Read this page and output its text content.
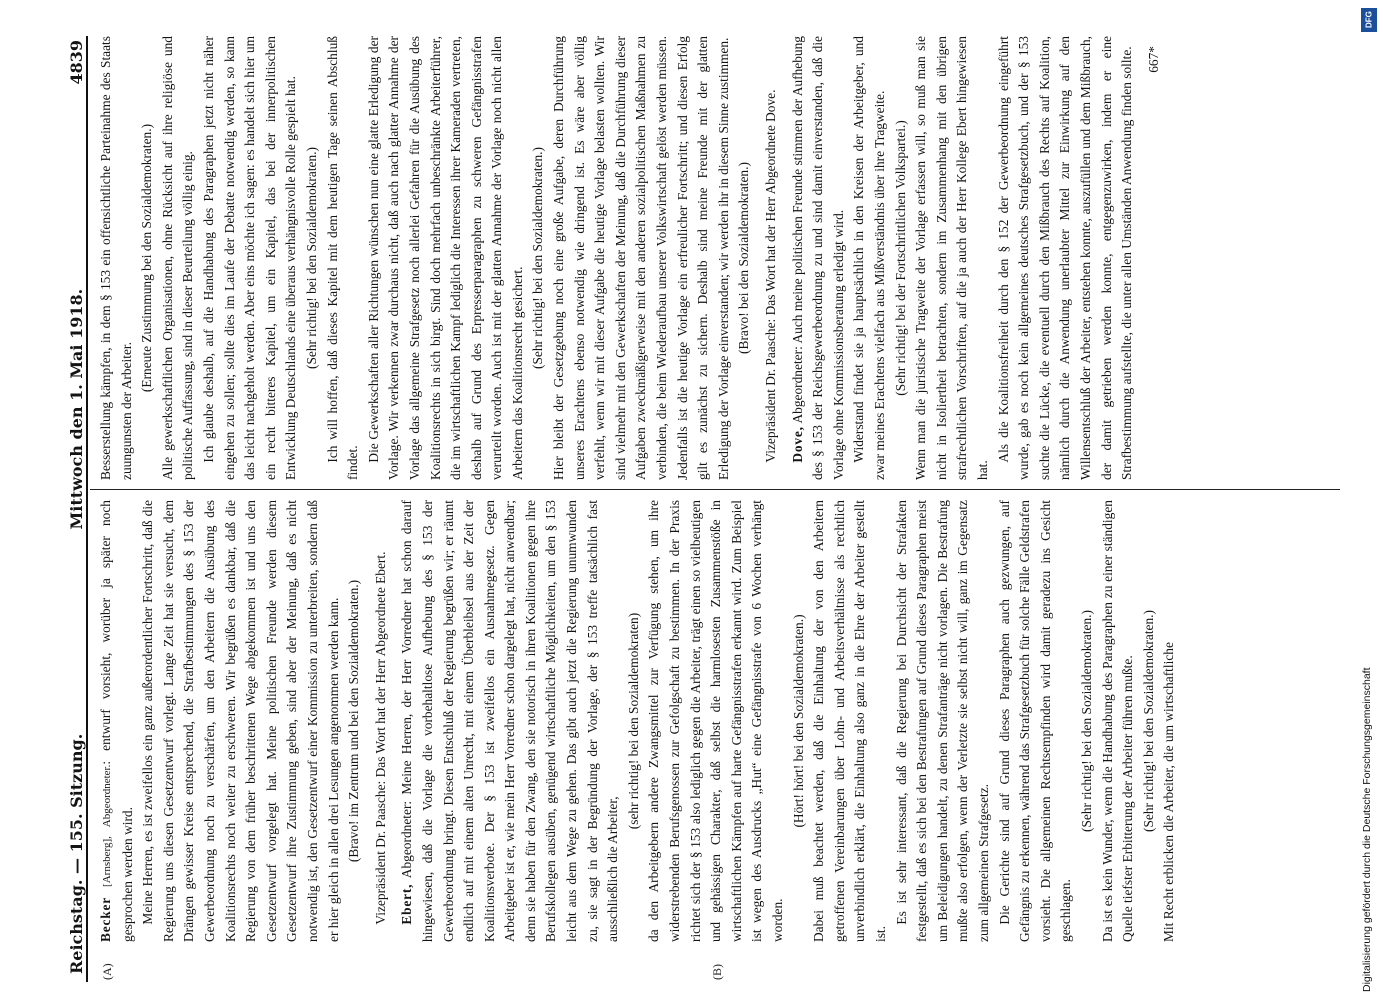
Reichstag. — 155. Sitzung.
Mittwoch den 1. Mai 1918.
4839
(A)	(B)

Becker [Arnsberg], Abgeordneter.: entwurf vorsieht, worüber ja später noch gesprochen werden wird. Meine Herren, es ist zweifellos ein ganz außerordentlicher Fortschritt, daß die Regierung uns diesen Gesetzentwurf vorlegt. Lange Zeit hat sie versucht, dem Drängen gewisser Kreise entsprechend, die Strafbestimmungen des § 153 der Gewerbeordnung noch zu verschärfen, um den Arbeitern die Ausübung des Koalitionsrechts noch weiter zu erschweren. Wir begrüßen es dankbar, daß die Regierung von dem früher beschrittenen Wege abgekommen ist und uns den Gesetzentwurf vorgelegt hat. Meine politischen Freunde werden diesem Gesetzentwurf ihre Zustimmung geben, sind aber der Meinung, daß es nicht notwendig ist, den Gesetzentwurf einer Kommission zu unterbreiten, sondern daß er hier gleich in allen drei Lesungen angenommen werden kann. (Bravo! im Zentrum und bei den Sozialdemokraten.) Vizepräsident Dr. Paasche: Das Wort hat der Herr Abgeordnete Ebert. Ebert, Abgeordneter: Meine Herren, der Herr Vorredner hat schon darauf hingewiesen, daß die Vorlage die vorbehaltlose Aufhebung des § 153 der Gewerbeordnung bringt. Diesen Entschluß der Regierung begrüßen wir; er räumt endlich auf mit einem alten Unrecht, mit einem Überbleibsel aus der Zeit der Koalitionsverbote. Der § 153 ist zweifellos ein Ausnahmegesetz. Gegen Arbeitgeber ist er, wie mein Herr Vorredner schon dargelegt hat, nicht anwendbar; denn sie haben für den Zwang, den sie notorisch in ihren Koalitionen gegen ihre Berufskollegen ausüben, genügend wirtschaftliche Möglichkeiten, um den § 153 leicht aus dem Wege zu gehen. Das gibt auch jetzt die Regierung unumwunden zu, sie sagt in der Begründung der Vorlage, der § 153 treffe tatsächlich fast ausschließlich die Arbeiter,

(sehr richtig! bei den Sozialdemokraten) da den Arbeitgebern andere Zwangsmittel zur Verfügung stehen, um ihre widerstrebenden Berufsgenossen zur Gefolgschaft zu bestimmen. In der Praxis richtet sich der § 153 also lediglich gegen die Arbeiter, trägt einen so vielbeutigen und gehässigen Charakter, daß selbst die harmlosesten Zusammenstöße in wirtschaftlichen Kämpfen auf harte Gefängnisstrafen erkannt wird. Zum Beispiel ist wegen des Ausdrucks „Hut“ eine Gefängnisstrafe von 6 Wochen verhängt worden.

(Hört! hört! bei den Sozialdemokraten.) Dabei muß beachtet werden, daß die Einhaltung der von den Arbeitern getroffenen Vereinbarungen über Lohn- und Arbeitsverhältnisse als rechtlich unverbindlich erklärt, die Einhaltung also ganz in die Ehre der Arbeiter gestellt ist.

Es ist sehr interessant, daß die Regierung bei Durchsicht der Strafakten festgestellt, daß es sich bei den Bestrafungen auf Grund dieses Paragraphen meist um Beleidigungen handelt, zu denen Strafanträge nicht vorlagen. Die Bestrafung mußte also erfolgen, wenn der Verletzte sie selbst nicht will, ganz im Gegensatz zum allgemeinen Strafgesetz. Die Gerichte sind auf Grund dieses Paragraphen auch gezwungen, auf Gefängnis zu erkennen, während das Strafgesetzbuch für solche Fälle Geldstrafen vorsieht. Die allgemeinen Rechtsempfinden wird damit geradezu ins Gesicht geschlagen.

(Sehr richtig! bei den Sozialdemokraten.) Da ist es kein Wunder, wenn die Handhabung des Paragraphen zu einer ständigen Quelle tiefster Erbitterung der Arbeiter führen mußte. (Sehr richtig! bei den Sozialdemokraten.) Mit Recht erblicken die Arbeiter, die um wirtschaftliche

Besserstellung kämpfen, in dem § 153 ein offensichtliche Parteinahme des Staats zuungunsten der Arbeiter.

(Erneute Zustimmung bei den Sozialdemokraten.) Alle gewerkschaftlichen Organisationen, ohne Rücksicht auf ihre religiöse und politische Auffassung, sind in dieser Beurteilung völlig einig. Ich glaube deshalb, auf die Handhabung des Paragraphen jetzt nicht näher eingehen zu sollen; sollte dies im Laufe der Debatte notwendig werden, so kann das leicht nachgeholt werden. Aber eins möchte ich sagen: es handelt sich hier um ein recht bitteres Kapitel, um ein Kapitel, das bei der innerpolitischen Entwicklung Deutschlands eine überaus verhängnisvolle Rolle gespielt hat. (Sehr richtig! bei den Sozialdemokraten.) Ich will hoffen, daß dieses Kapitel mit dem heutigen Tage seinen Abschluß findet.

Die Gewerkschaften aller Richtungen wünschen nun eine glatte Erledigung der Vorlage. Wir verkennen zwar durchaus nicht, daß auch nach glatter Annahme der Vorlage das allgemeine Strafgesetz noch allerlei Gefahren für die Ausübung des Koalitionsrechts in sich birgt. Sind doch mehrfach unbeschränkte Arbeiterführer, die im wirtschaftlichen Kampf lediglich die Interessen ihrer Kameraden vertreten, deshalb auf Grund des Erpresserparagraphen zu schweren Gefängnisstrafen verurteilt worden. Auch ist mit der glatten Annahme der Vorlage noch nicht allen Arbeitern das Koalitionsrecht gesichert.

(Sehr richtig! bei den Sozialdemokraten.) Hier bleibt der Gesetzgebung noch eine große Aufgabe, deren Durchführung unseres Erachtens ebenso notwendig wie dringend ist. Es wäre aber völlig verfehlt, wenn wir mit dieser Aufgabe die heutige Vorlage belasten wollten. Wir sind vielmehr mit den Gewerkschaften der Meinung, daß die Durchführung dieser Aufgaben zweckmäßigerweise mit den anderen sozialpolitischen Maßnahmen zu verbinden, die beim Wiederaufbau unserer Volkswirtschaft gelöst werden müssen. Jedenfalls ist die heutige Vorlage ein erfreulicher Fortschritt; und diesen Erfolg gilt es zunächst zu sichern. Deshalb sind meine Freunde mit der glatten Erledigung der Vorlage einverstanden; wir werden ihr in diesem Sinne zustimmen. (Bravo! bei den Sozialdemokraten.) Vizepräsident Dr. Paasche: Das Wort hat der Herr Abgeordnete Dove. Dove, Abgeordneter: Auch meine politischen Freunde stimmen der Aufhebung des § 153 der Reichsgewerbeordnung zu und sind damit einverstanden, daß die Vorlage ohne Kommissionsberatung erledigt wird. Widerstand findet sie ja hauptsächlich in den Kreisen der Arbeitgeber, und zwar meines Erachtens vielfach aus Mißverständnis über ihre Tragweite. (Sehr richtig! bei der Fortschrittlichen Volkspartei.) Wenn man die juristische Tragweite der Vorlage erfassen will, so muß man sie nicht in Isoliertheit betrachten, sondern im Zusammenhang mit den übrigen strafrechtlichen Vorschriften, auf die ja auch der Herr Kollege Ebert hingewiesen hat.

Als die Koalitionsfreiheit durch den § 152 der Gewerbeordnung eingeführt wurde, gab es noch kein allgemeines deutsches Strafgesetzbuch, und der § 153 suchte die Lücke, die eventuell durch den Mißbrauch des Rechts auf Koalition, nämlich durch die Anwendung unerlaubter Mittel zur Einwirkung auf den Willensentschluß der Arbeiter, entstehen konnte, auszufüllen und dem Mißbrauch, der damit getrieben werden konnte, entgegenzuwirken, indem er eine Strafbestimmung aufstellte, die unter allen Umständen Anwendung finden sollte. 667*

Digitalisierung gefördert durch die Deutsche Forschungsgemeinschaft
DFG
